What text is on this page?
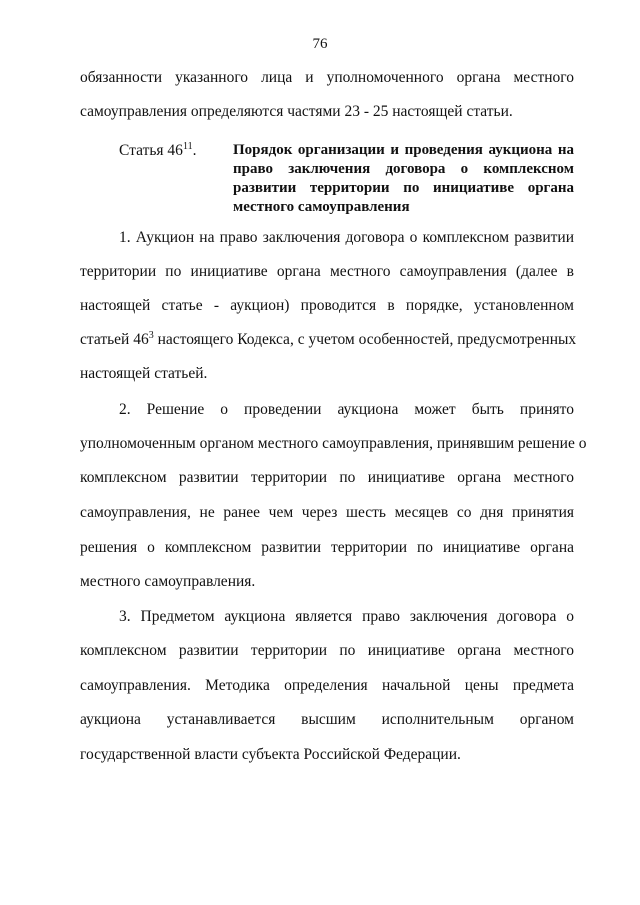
76
обязанности указанного лица и уполномоченного органа местного
самоуправления определяются частями 23 - 25 настоящей статьи.
Статья $46^{11}$. Порядок организации и проведения аукциона на
право заключения договора о комплексном
развитии территории по инициативе органа
местного самоуправления
1. Аукцион на право заключения договора о комплексном развитии
территории по инициативе органа местного самоуправления (далее в
настоящей статье - аукцион) проводится в порядке, установленном
статьей 46$^3$ настоящего Кодекса, с учетом особенностей, предусмотренных
настоящей статьей.
2. Решение о проведении аукциона может быть принято
уполномоченным органом местного самоуправления, принявшим решение о
комплексном развитии территории по инициативе органа местного
самоуправления, не ранее чем через шесть месяцев со дня принятия
решения о комплексном развитии территории по инициативе органа
местного самоуправления.
3. Предметом аукциона является право заключения договора о
комплексном развитии территории по инициативе органа местного
самоуправления. Методика определения начальной цены предмета
аукциона устанавливается высшим исполнительным органом
государственной власти субъекта Российской Федерации.
